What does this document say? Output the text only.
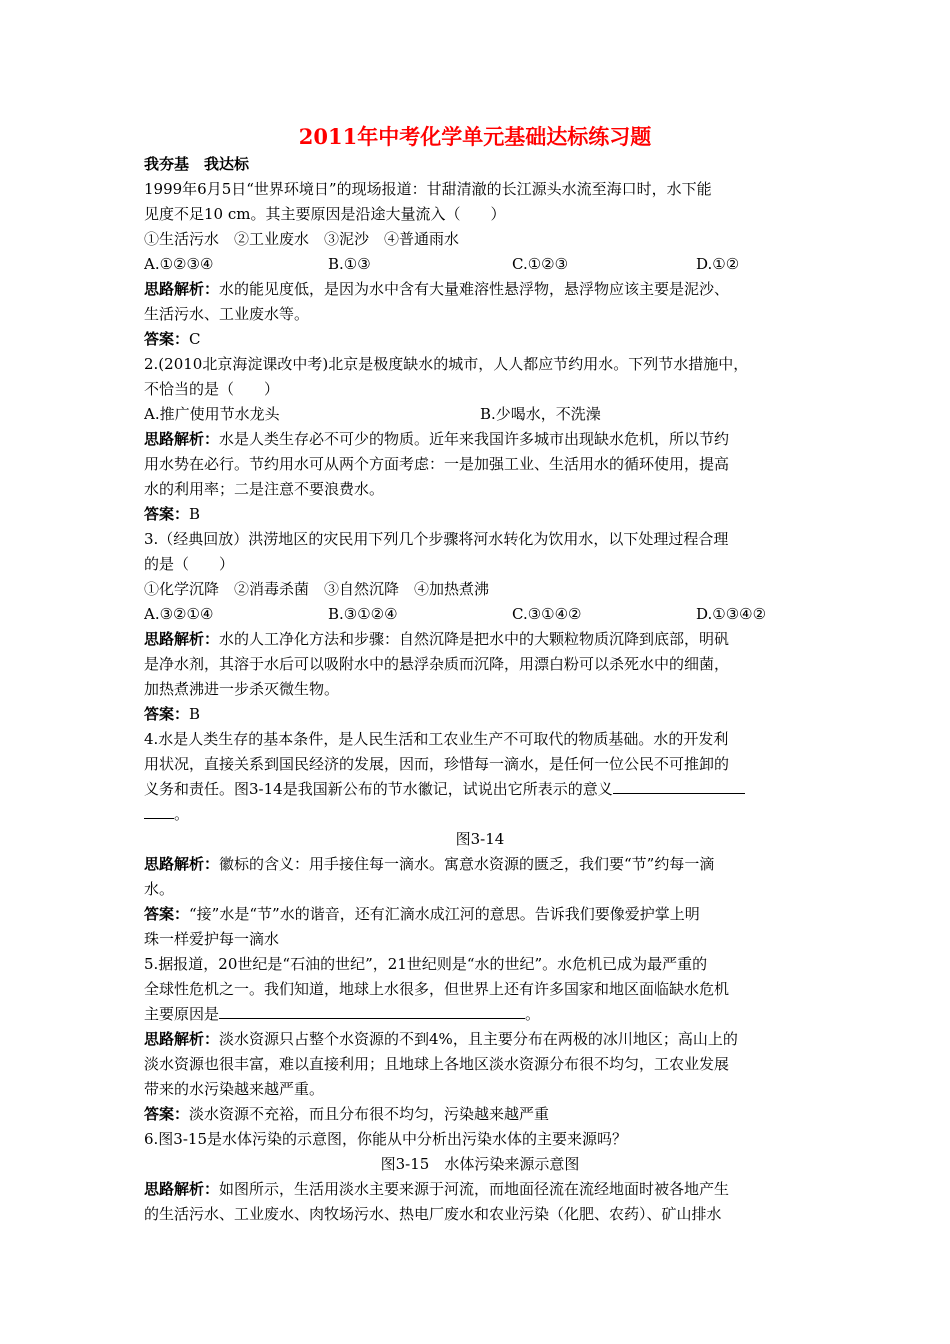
2011年中考化学单元基础达标练习题
我夯基　我达标
1999年6月5日“世界环境日”的现场报道：甘甜清澈的长江源头水流至海口时，水下能
见度不足10 cm。其主要原因是沿途大量流入（　　）
①生活污水　②工业废水　③泥沙　④普通雨水
A.①②③④	B.①③	C.①②③	D.①②
思路解析：水的能见度低，是因为水中含有大量难溶性悬浮物，悬浮物应该主要是泥沙、
生活污水、工业废水等。
答案：C
2.(2010北京海淀课改中考)北京是极度缺水的城市，人人都应节约用水。下列节水措施中，
不恰当的是（　　）
A.推广使用节水龙头	B.少喝水，不洗澡
思路解析：水是人类生存必不可少的物质。近年来我国许多城市出现缺水危机，所以节约
用水势在必行。节约用水可从两个方面考虑：一是加强工业、生活用水的循环使用，提高
水的利用率；二是注意不要浪费水。
答案：B
3.（经典回放）洪涝地区的灾民用下列几个步骤将河水转化为饮用水，以下处理过程合理
的是（　　）
①化学沉降　②消毒杀菌　③自然沉降　④加热煮沸
A.③②①④	B.③①②④	C.③①④②	D.①③④②
思路解析：水的人工净化方法和步骤：自然沉降是把水中的大颗粒物质沉降到底部，明矾
是净水剂，其溶于水后可以吸附水中的悬浮杂质而沉降，用漂白粉可以杀死水中的细菌，
加热煮沸进一步杀灭微生物。
答案：B
4.水是人类生存的基本条件，是人民生活和工农业生产不可取代的物质基础。水的开发利
用状况，直接关系到国民经济的发展，因而，珍惜每一滴水，是任何一位公民不可推卸的
义务和责任。图3-14是我国新公布的节水徽记，试说出它所表示的意义
。
图3-14
思路解析：徽标的含义：用手接住每一滴水。寓意水资源的匮乏，我们要“节”约每一滴
水。
答案：“接”水是“节”水的谐音，还有汇滴水成江河的意思。告诉我们要像爱护掌上明
珠一样爱护每一滴水
5.据报道，20世纪是“石油的世纪”，21世纪则是“水的世纪”。水危机已成为最严重的
全球性危机之一。我们知道，地球上水很多，但世界上还有许多国家和地区面临缺水危机
主要原因是	。
思路解析：淡水资源只占整个水资源的不到4%，且主要分布在两极的冰川地区；高山上的
淡水资源也很丰富，难以直接利用；且地球上各地区淡水资源分布很不均匀，工农业发展
带来的水污染越来越严重。
答案：淡水资源不充裕，而且分布很不均匀，污染越来越严重
6.图3-15是水体污染的示意图，你能从中分析出污染水体的主要来源吗？
图3-15　水体污染来源示意图
思路解析：如图所示，生活用淡水主要来源于河流，而地面径流在流经地面时被各地产生
的生活污水、工业废水、肉牧场污水、热电厂废水和农业污染（化肥、农药）、矿山排水
